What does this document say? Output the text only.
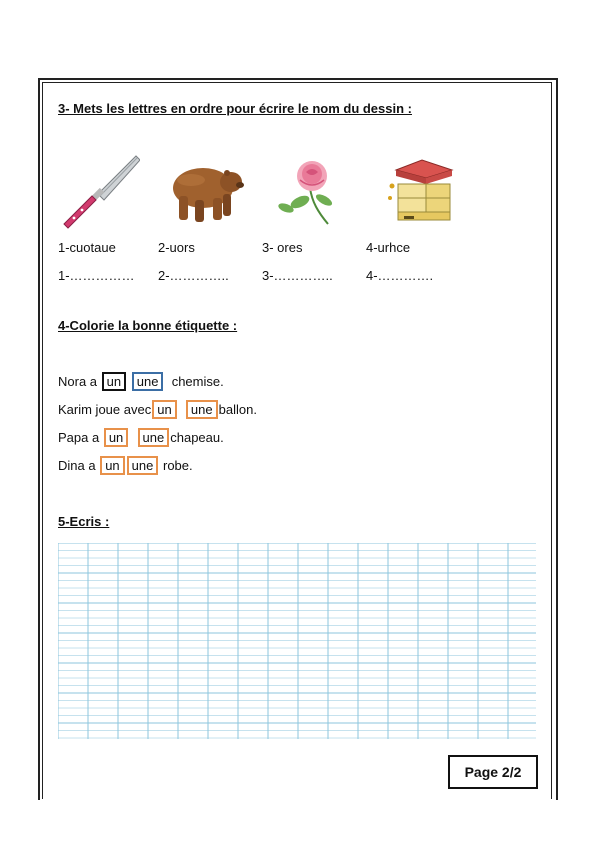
3- Mets les lettres en ordre pour écrire le nom du dessin :
1-cuotaue	2-uors	3- ores	4-urhce
1-…………… 2-…………..	3-…………..	4-………….
4-Colorie la bonne étiquette :
Nora a un une chemise.
Karim joue avec un une ballon.
Papa a un une chapeau.
Dina a un une robe.
5-Ecris :
Page 2/2
